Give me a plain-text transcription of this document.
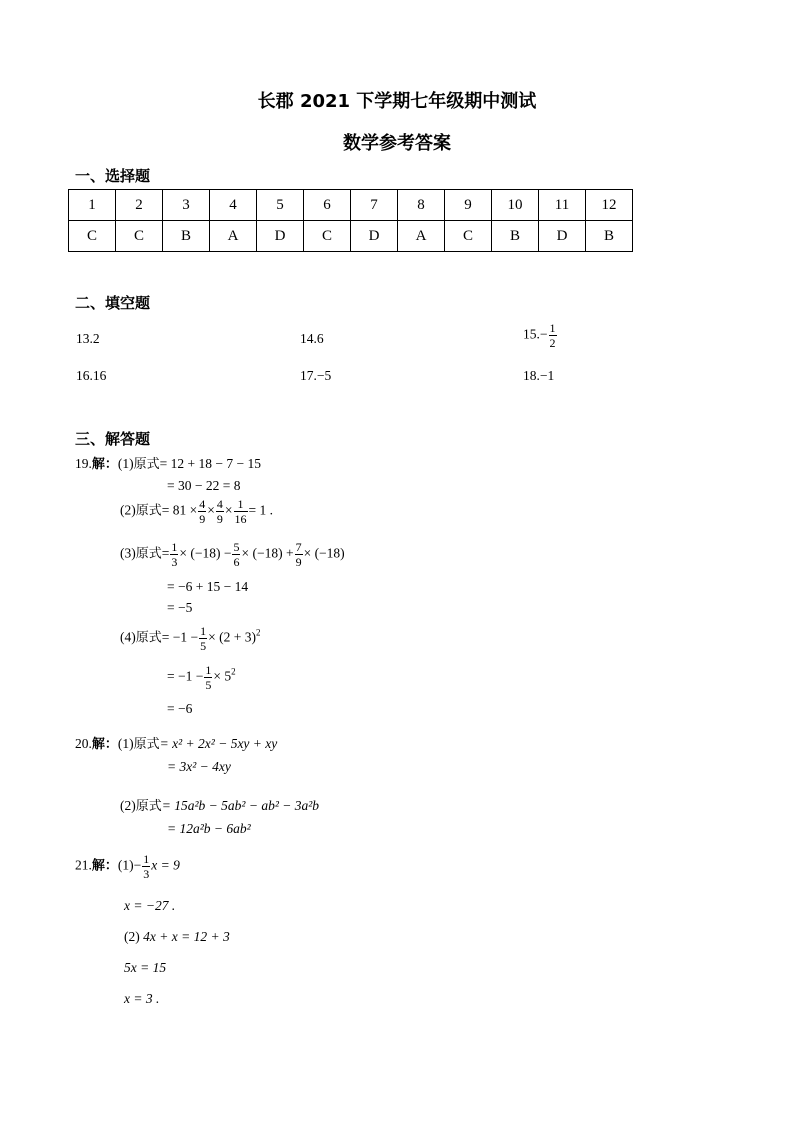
长郡 2021 下学期七年级期中测试
数学参考答案
一、选择题
1	2	3	4	5	6	7	8	9	10	11	12
C	C	B	A	D	C	D	A	C	B	D	B
二、填空题
13.2	14.6	$15.- \frac{1}{2}$
16.16	17.−5	18.−1
三、解答题
19.解：(1)原式= 12 + 18 − 7 − 15
= 30 − 22 = 8
(2)原式= $81 \times \frac{4}{9} \times \frac{4}{9} \times \frac{1}{16} = 1$ .
(3)原式= $\frac{1}{3} \times (-18) - \frac{5}{6} \times (-18) + \frac{7}{9} \times (-18)$
= −6 + 15 − 14
= −5
(4)原式= $-1 - \frac{1}{5} \times (2 + 3)^2$
= $-1 - \frac{1}{5} \times 5^2$
= −6
20.解：(1)原式= x² + 2x² − 5xy + xy
= 3x² − 4xy
(2)原式= 15a²b − 5ab² − ab² − 3a²b
= 12a²b − 6ab²
21.解：$(1)- \frac{1}{3}$ x = 9
x = −27 .
(2) 4x + x = 12 + 3
5x = 15
x = 3 .
